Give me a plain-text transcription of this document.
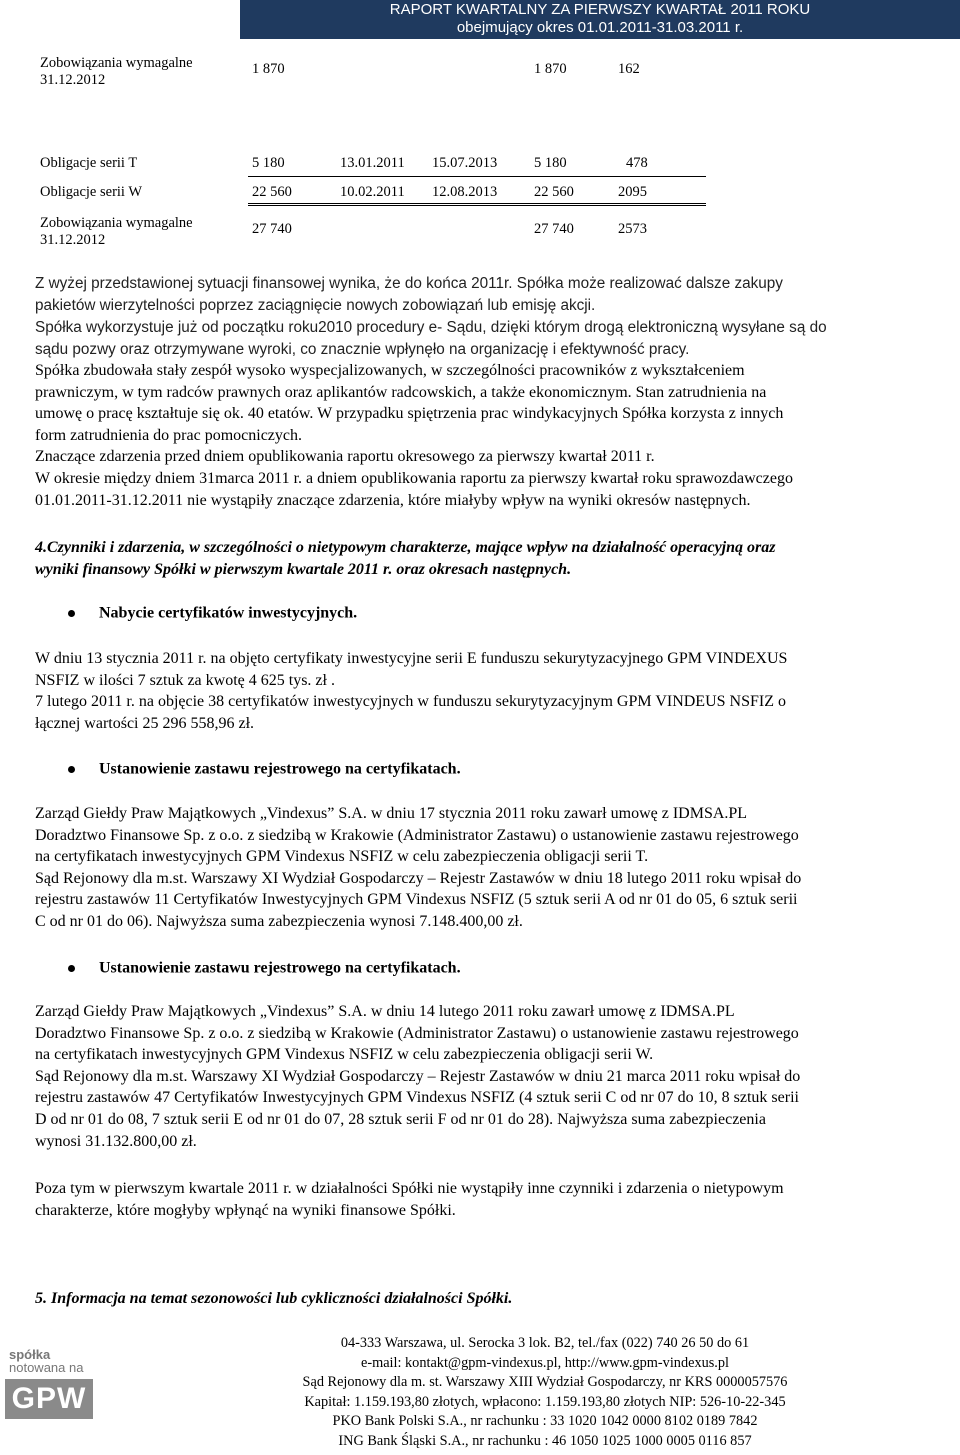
RAPORT KWARTALNY ZA PIERWSZY KWARTAŁ 2011 ROKU
obejmujący okres 01.01.2011-31.03.2011 r.
Zobowiązania wymagalne
31.12.2012
1 870	1 870	162
Obligacje serii T	5 180	13.01.2011 15.07.2013	5 180	478
Obligacje serii W	22 560	10.02.2011 12.08.2013	22 560	2095
Zobowiązania wymagalne
31.12.2012
27 740	27 740	2573
Z wyżej przedstawionej sytuacji finansowej wynika, że do końca 2011r. Spółka może realizować dalsze zakupy
pakietów wierzytelności poprzez zaciągnięcie nowych zobowiązań lub emisję akcji.
Spółka wykorzystuje już od początku roku2010 procedury e- Sądu, dzięki którym drogą elektroniczną wysyłane są do
sądu pozwy oraz otrzymywane wyroki, co znacznie wpłynęło na organizację i efektywność pracy.
Spółka zbudowała stały zespół wysoko wyspecjalizowanych, w szczególności pracowników z wykształceniem
prawniczym, w tym radców prawnych oraz aplikantów radcowskich, a także ekonomicznym. Stan zatrudnienia na
umowę o pracę kształtuje się ok. 40 etatów. W przypadku spiętrzenia prac windykacyjnych Spółka korzysta z innych
form zatrudnienia do prac pomocniczych.
Znaczące zdarzenia przed dniem opublikowania raportu okresowego za pierwszy kwartał 2011 r.
W okresie między dniem 31marca 2011 r. a dniem opublikowania raportu za pierwszy kwartał roku sprawozdawczego
01.01.2011-31.12.2011 nie wystąpiły znaczące zdarzenia, które miałyby wpływ na wyniki okresów następnych.
4.Czynniki i zdarzenia, w szczególności o nietypowym charakterze, mające wpływ na działalność operacyjną oraz
wyniki finansowy Spółki w pierwszym kwartale 2011 r. oraz okresach następnych.
Nabycie certyfikatów inwestycyjnych.
W dniu 13 stycznia 2011 r. na objęto certyfikaty inwestycyjne serii E funduszu sekurytyzacyjnego GPM VINDEXUS
NSFIZ w ilości 7 sztuk za kwotę 4 625 tys. zł .
7 lutego 2011 r. na objęcie 38 certyfikatów inwestycyjnych w funduszu sekurytyzacyjnym GPM VINDEUS NSFIZ o
łącznej wartości 25 296 558,96 zł.
Ustanowienie zastawu rejestrowego na certyfikatach.
Zarząd Giełdy Praw Majątkowych „Vindexus” S.A. w dniu 17 stycznia 2011 roku zawarł umowę z IDMSA.PL
Doradztwo Finansowe Sp. z o.o. z siedzibą w Krakowie (Administrator Zastawu) o ustanowienie zastawu rejestrowego
na certyfikatach inwestycyjnych GPM Vindexus NSFIZ w celu zabezpieczenia obligacji serii T.
Sąd Rejonowy dla m.st. Warszawy XI Wydział Gospodarczy – Rejestr Zastawów w dniu 18 lutego 2011 roku wpisał do
rejestru zastawów 11 Certyfikatów Inwestycyjnych GPM Vindexus NSFIZ (5 sztuk serii A od nr 01 do 05, 6 sztuk serii
C od nr 01 do 06). Najwyższa suma zabezpieczenia wynosi 7.148.400,00 zł.
Ustanowienie zastawu rejestrowego na certyfikatach.
Zarząd Giełdy Praw Majątkowych „Vindexus” S.A. w dniu 14 lutego 2011 roku zawarł umowę z IDMSA.PL
Doradztwo Finansowe Sp. z o.o. z siedzibą w Krakowie (Administrator Zastawu) o ustanowienie zastawu rejestrowego
na certyfikatach inwestycyjnych GPM Vindexus NSFIZ w celu zabezpieczenia obligacji serii W.
Sąd Rejonowy dla m.st. Warszawy XI Wydział Gospodarczy – Rejestr Zastawów w dniu 21 marca 2011 roku wpisał do
rejestru zastawów 47 Certyfikatów Inwestycyjnych GPM Vindexus NSFIZ (4 sztuk serii C od nr 07 do 10, 8 sztuk serii
D od nr 01 do 08, 7 sztuk serii E od nr 01 do 07, 28 sztuk serii F od nr 01 do 28). Najwyższa suma zabezpieczenia
wynosi 31.132.800,00 zł.
Poza tym w pierwszym kwartale 2011 r. w działalności Spółki nie wystąpiły inne czynniki i zdarzenia o nietypowym
charakterze, które mogłyby wpłynąć na wyniki finansowe Spółki.
5. Informacja na temat sezonowości lub cykliczności działalności Spółki.
spółka
notowana na
GPW
04-333 Warszawa, ul. Serocka 3 lok. B2, tel./fax (022) 740 26 50 do 61
e-mail: kontakt@gpm-vindexus.pl, http://www.gpm-vindexus.pl
Sąd Rejonowy dla m. st. Warszawy XIII Wydział Gospodarczy, nr KRS 0000057576
Kapitał: 1.159.193,80 złotych, wpłacono: 1.159.193,80 złotych NIP: 526-10-22-345
PKO Bank Polski S.A., nr rachunku : 33 1020 1042 0000 8102 0189 7842
ING Bank Śląski S.A., nr rachunku : 46 1050 1025 1000 0005 0116 857
